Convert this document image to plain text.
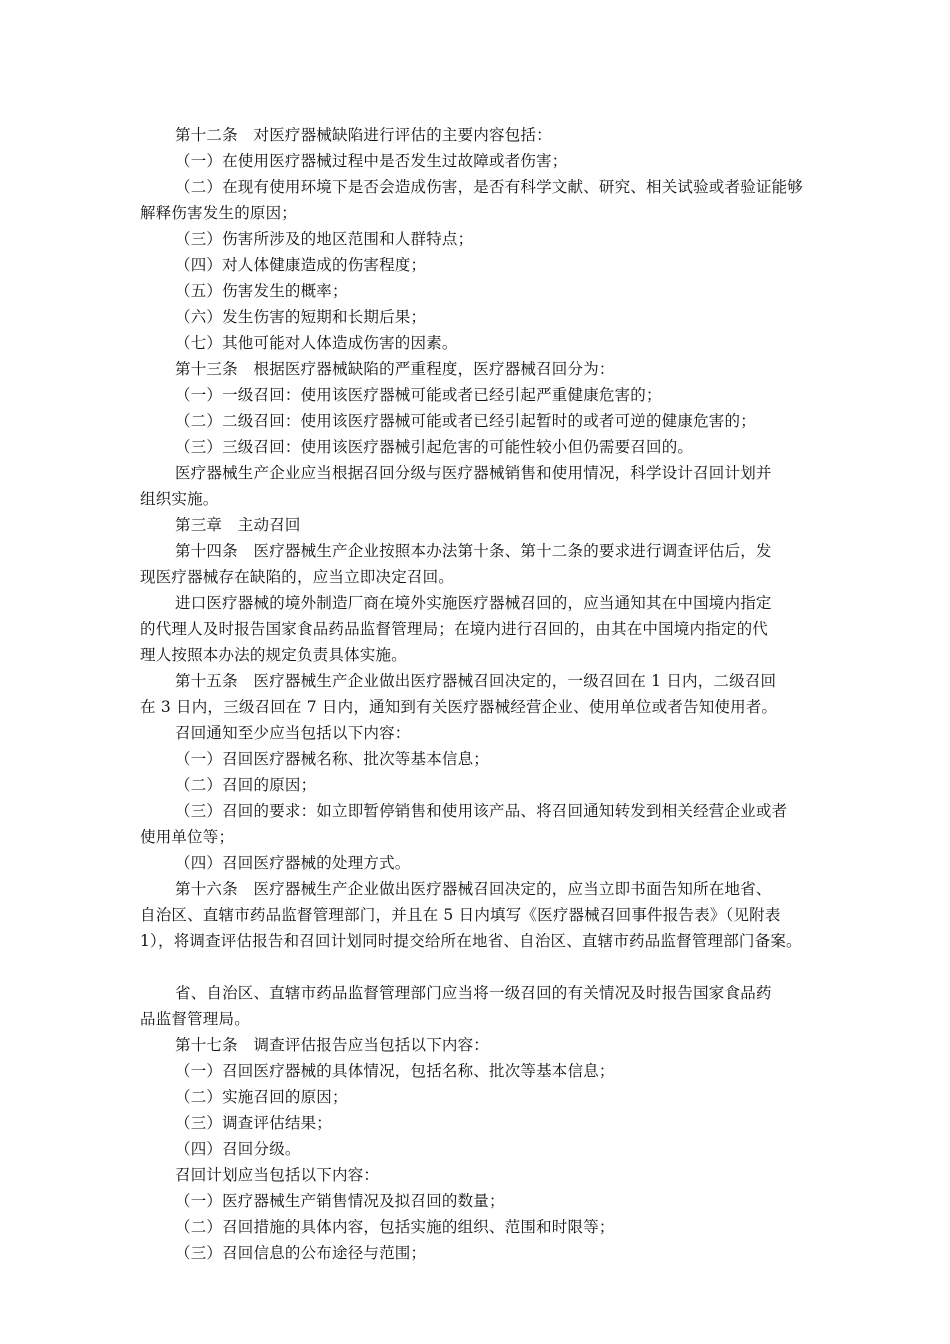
第十二条　对医疗器械缺陷进行评估的主要内容包括：
（一）在使用医疗器械过程中是否发生过故障或者伤害；
（二）在现有使用环境下是否会造成伤害，是否有科学文献、研究、相关试验或者验证能够
解释伤害发生的原因；
（三）伤害所涉及的地区范围和人群特点；
（四）对人体健康造成的伤害程度；
（五）伤害发生的概率；
（六）发生伤害的短期和长期后果；
（七）其他可能对人体造成伤害的因素。
第十三条　根据医疗器械缺陷的严重程度，医疗器械召回分为：
（一）一级召回：使用该医疗器械可能或者已经引起严重健康危害的；
（二）二级召回：使用该医疗器械可能或者已经引起暂时的或者可逆的健康危害的；
（三）三级召回：使用该医疗器械引起危害的可能性较小但仍需要召回的。
医疗器械生产企业应当根据召回分级与医疗器械销售和使用情况，科学设计召回计划并
组织实施。
第三章　主动召回
第十四条　医疗器械生产企业按照本办法第十条、第十二条的要求进行调查评估后，发
现医疗器械存在缺陷的，应当立即决定召回。
进口医疗器械的境外制造厂商在境外实施医疗器械召回的，应当通知其在中国境内指定
的代理人及时报告国家食品药品监督管理局；在境内进行召回的，由其在中国境内指定的代
理人按照本办法的规定负责具体实施。
第十五条　医疗器械生产企业做出医疗器械召回决定的，一级召回在 1 日内，二级召回
在 3 日内，三级召回在 7 日内，通知到有关医疗器械经营企业、使用单位或者告知使用者。
召回通知至少应当包括以下内容：
（一）召回医疗器械名称、批次等基本信息；
（二）召回的原因；
（三）召回的要求：如立即暂停销售和使用该产品、将召回通知转发到相关经营企业或者
使用单位等；
（四）召回医疗器械的处理方式。
第十六条　医疗器械生产企业做出医疗器械召回决定的，应当立即书面告知所在地省、
自治区、直辖市药品监督管理部门，并且在 5 日内填写《医疗器械召回事件报告表》（见附表
1），将调查评估报告和召回计划同时提交给所在地省、自治区、直辖市药品监督管理部门备案。
省、自治区、直辖市药品监督管理部门应当将一级召回的有关情况及时报告国家食品药
品监督管理局。
第十七条　调查评估报告应当包括以下内容：
（一）召回医疗器械的具体情况，包括名称、批次等基本信息；
（二）实施召回的原因；
（三）调查评估结果；
（四）召回分级。
召回计划应当包括以下内容：
（一）医疗器械生产销售情况及拟召回的数量；
（二）召回措施的具体内容，包括实施的组织、范围和时限等；
（三）召回信息的公布途径与范围；
